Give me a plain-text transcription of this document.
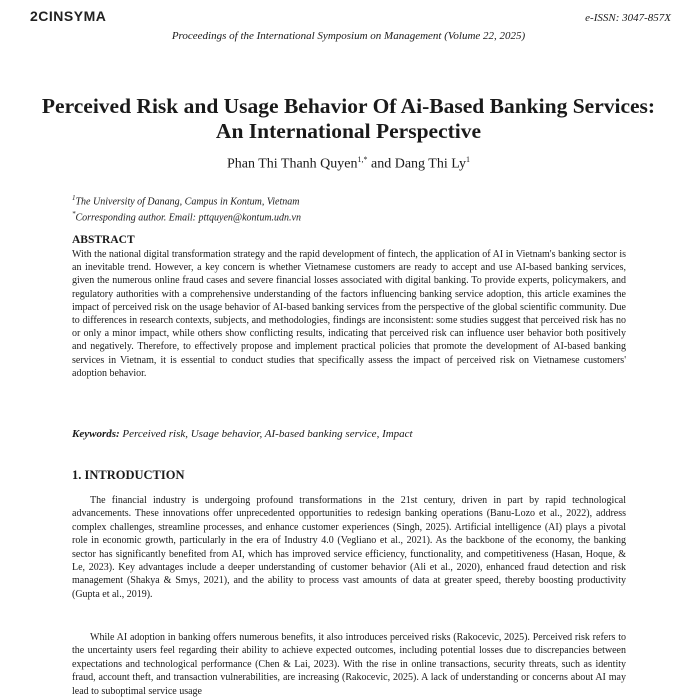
2CINSYMA	e-ISSN: 3047-857X
Proceedings of the International Symposium on Management (Volume 22, 2025)
Perceived Risk and Usage Behavior Of Ai-Based Banking Services: An International Perspective
Phan Thi Thanh Quyen$^{1,*}$ and Dang Thi Ly$^1$
$^1$The University of Danang, Campus in Kontum, Vietnam
*Corresponding author. Email: pttquyen@kontum.udn.vn
ABSTRACT
With the national digital transformation strategy and the rapid development of fintech, the application of AI in Vietnam's banking sector is an inevitable trend. However, a key concern is whether Vietnamese customers are ready to accept and use AI-based banking services, given the numerous online fraud cases and severe financial losses associated with digital banking. To provide experts, policymakers, and regulatory authorities with a comprehensive understanding of the factors influencing banking service adoption, this article examines the impact of perceived risk on the usage behavior of AI-based banking services from the perspective of the global scientific community. Due to differences in research contexts, subjects, and methodologies, findings are inconsistent: some studies suggest that perceived risk has no or only a minor impact, while others show conflicting results, indicating that perceived risk can influence user behavior both positively and negatively. Therefore, to effectively propose and implement practical policies that promote the development of AI-based banking services in Vietnam, it is essential to conduct studies that specifically assess the impact of perceived risk on Vietnamese customers' adoption behavior.
Keywords: Perceived risk, Usage behavior, AI-based banking service, Impact
1. INTRODUCTION
The financial industry is undergoing profound transformations in the 21st century, driven in part by rapid technological advancements. These innovations offer unprecedented opportunities to redesign banking operations (Banu-Lozo et al., 2022), address complex challenges, streamline processes, and enhance customer experiences (Singh, 2025). Artificial intelligence (AI) plays a pivotal role in economic growth, particularly in the era of Industry 4.0 (Vegliano et al., 2021). As the backbone of the economy, the banking sector has significantly benefited from AI, which has improved service efficiency, functionality, and competitiveness (Hasan, Hoque, & Le, 2023). Key advantages include a deeper understanding of customer behavior (Ali et al., 2020), enhanced fraud detection and risk management (Shakya & Smys, 2021), and the ability to process vast amounts of data at greater speed, thereby boosting productivity (Gupta et al., 2019).
While AI adoption in banking offers numerous benefits, it also introduces perceived risks (Rakocevic, 2025). Perceived risk refers to the uncertainty users feel regarding their ability to achieve expected outcomes, including potential losses due to discrepancies between expectations and technological performance (Chen & Lai, 2023). With the rise in online transactions, security threats, such as identity fraud, account theft, and transaction vulnerabilities, are increasing (Rakocevic, 2025). A lack of understanding or concerns about AI may lead to suboptimal service usage
